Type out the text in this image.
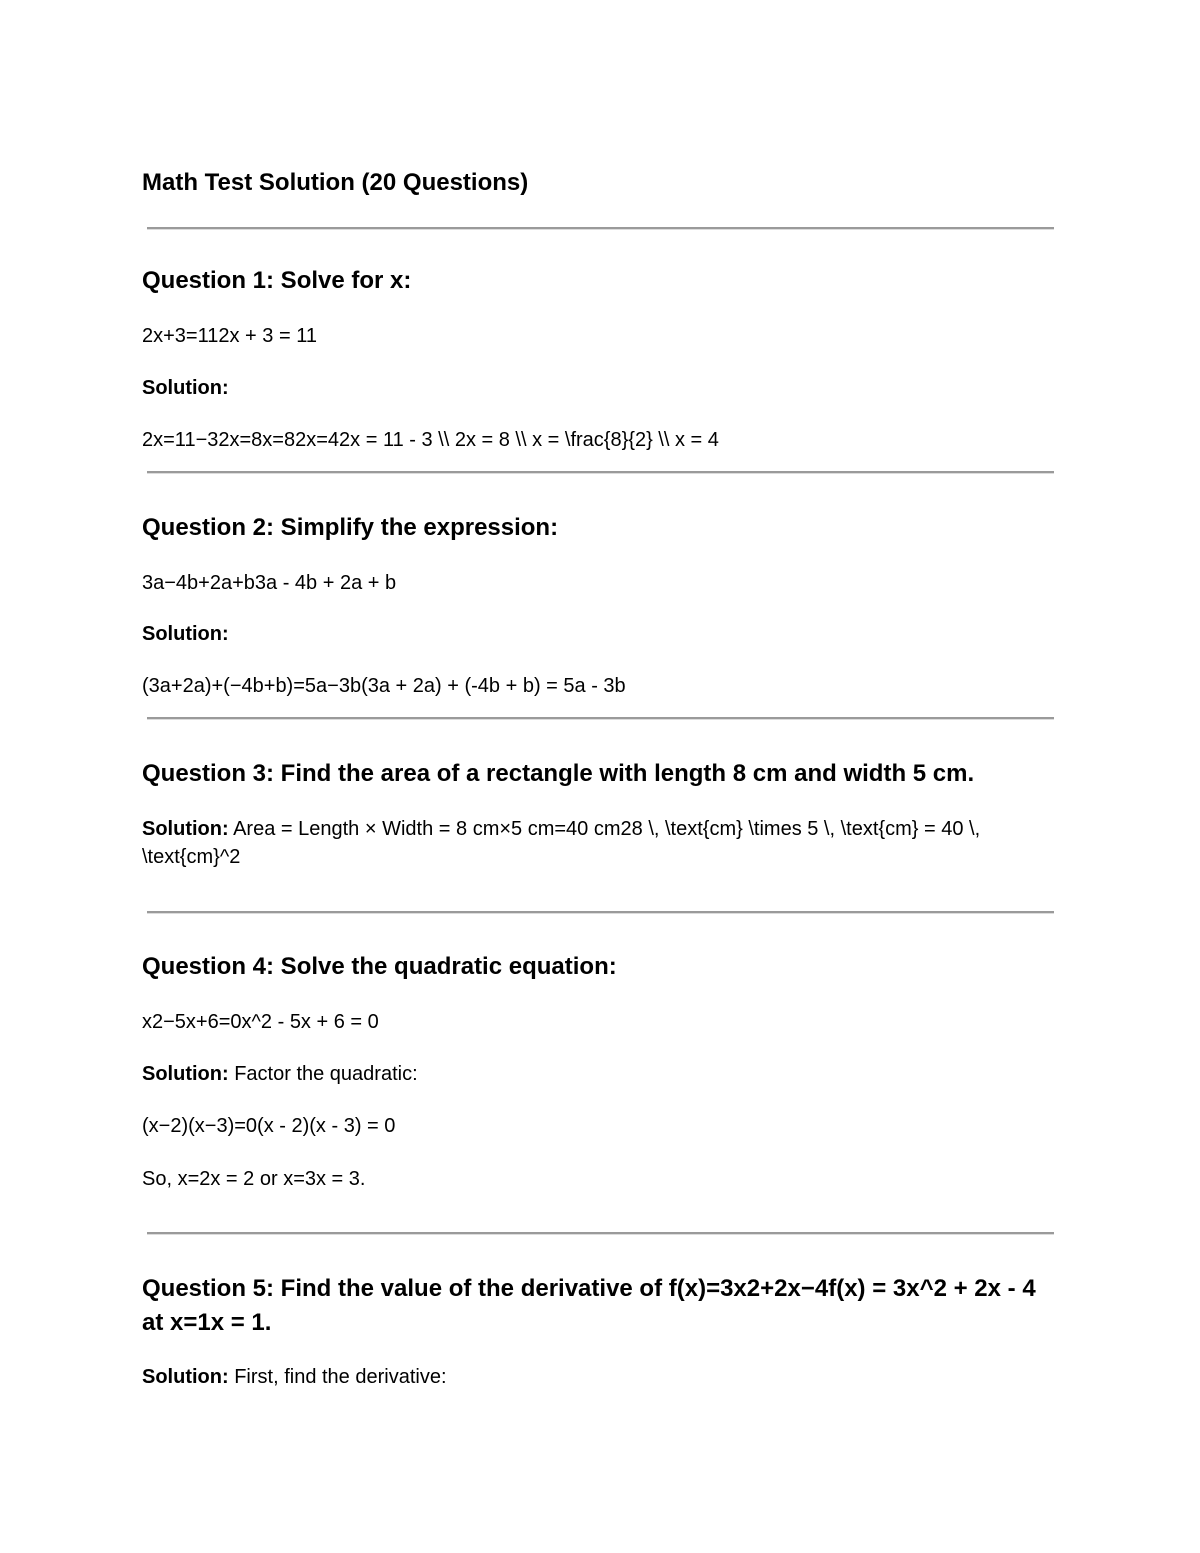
Math Test Solution (20 Questions)
Question 1: Solve for x:

2x+3=112x + 3 = 11

Solution:

2x=11−32x=8x=82x=42x = 11 - 3 \\ 2x = 8 \\ x = \frac{8}{2} \\ x = 4

Question 2: Simplify the expression:

3a−4b+2a+b3a - 4b + 2a + b

Solution:

(3a+2a)+(−4b+b)=5a−3b(3a + 2a) + (-4b + b) = 5a - 3b

Question 3: Find the area of a rectangle with length 8 cm and width 5 cm.

Solution: Area = Length × Width = 8 cm×5 cm=40 cm28 \, \text{cm} \times 5 \, \text{cm} = 40 \, \text{cm}^2

Question 4: Solve the quadratic equation:

x2−5x+6=0x^2 - 5x + 6 = 0

Solution: Factor the quadratic:

(x−2)(x−3)=0(x - 2)(x - 3) = 0

So, x=2x = 2 or x=3x = 3.

Question 5: Find the value of the derivative of f(x)=3x2+2x−4f(x) = 3x^2 + 2x - 4 at x=1x = 1.

Solution: First, find the derivative:
